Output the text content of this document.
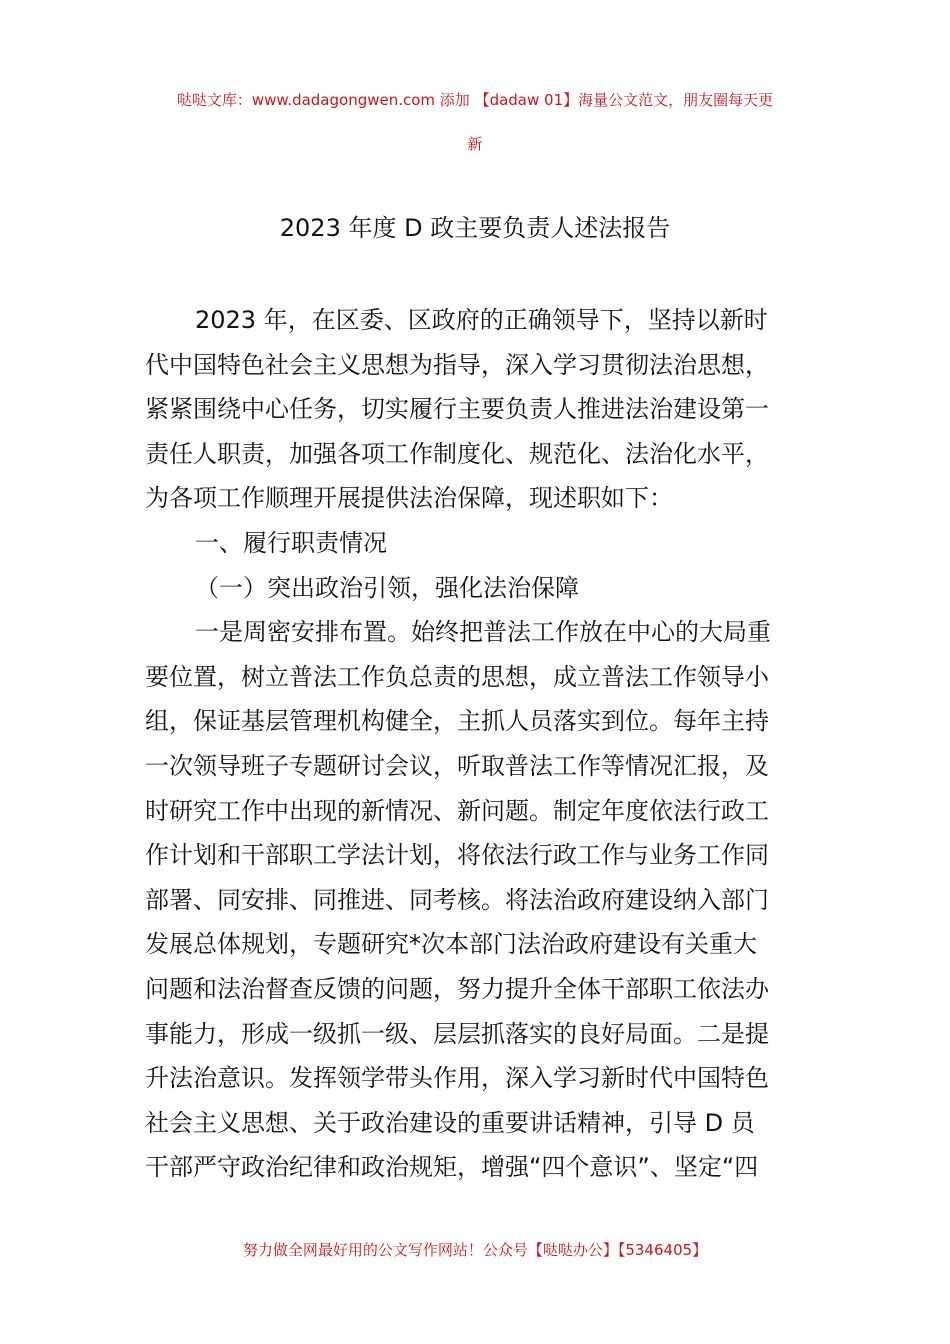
哒哒文库：www.dadagongwen.com 添加 【dadaw 01】海量公文范文，朋友圈每天更
新
2023 年度 D 政主要负责人述法报告
2023 年，在区委、区政府的正确领导下，坚持以新时
代中国特色社会主义思想为指导，深入学习贯彻法治思想，
紧紧围绕中心任务，切实履行主要负责人推进法治建设第一
责任人职责，加强各项工作制度化、规范化、法治化水平，
为各项工作顺理开展提供法治保障，现述职如下：
一、履行职责情况
（一）突出政治引领，强化法治保障
一是周密安排布置。始终把普法工作放在中心的大局重
要位置，树立普法工作负总责的思想，成立普法工作领导小
组，保证基层管理机构健全，主抓人员落实到位。每年主持
一次领导班子专题研讨会议，听取普法工作等情况汇报，及
时研究工作中出现的新情况、新问题。制定年度依法行政工
作计划和干部职工学法计划，将依法行政工作与业务工作同
部署、同安排、同推进、同考核。将法治政府建设纳入部门
发展总体规划，专题研究*次本部门法治政府建设有关重大
问题和法治督查反馈的问题，努力提升全体干部职工依法办
事能力，形成一级抓一级、层层抓落实的良好局面。二是提
升法治意识。发挥领学带头作用，深入学习新时代中国特色
社会主义思想、关于政治建设的重要讲话精神，引导 D 员
干部严守政治纪律和政治规矩，增强“四个意识”、坚定“四
努力做全网最好用的公文写作网站！公众号【哒哒办公】【5346405】
